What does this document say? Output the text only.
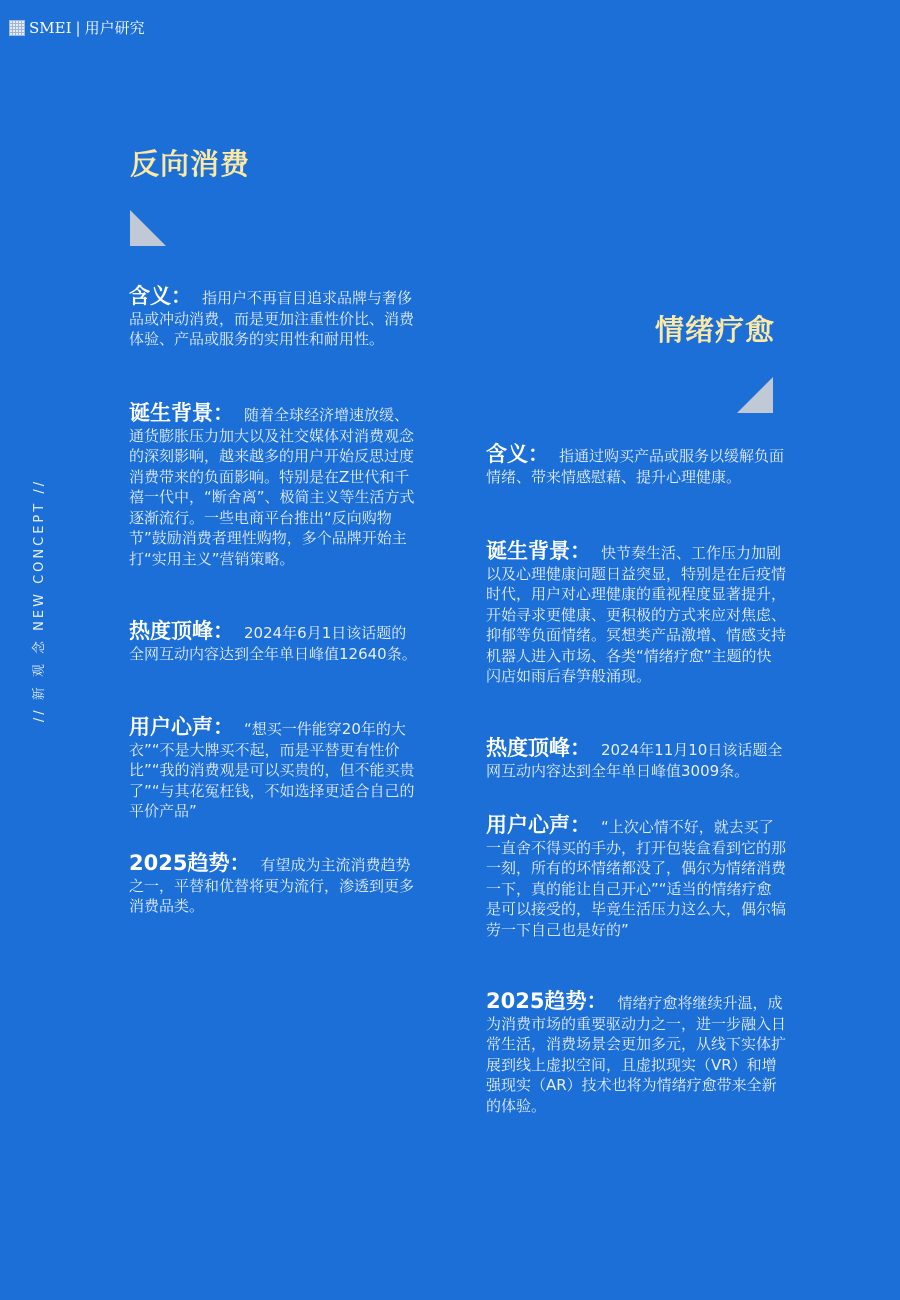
SMEI | 用户研究
// 新 观 念 NEW CONCEPT //
反向消费

含义： 指用户不再盲目追求品牌与奢侈品或冲动消费，而是更加注重性价比、消费体验、产品或服务的实用性和耐用性。

诞生背景： 随着全球经济增速放缓、通货膨胀压力加大以及社交媒体对消费观念的深刻影响，越来越多的用户开始反思过度消费带来的负面影响。特别是在Z世代和千禧一代中，“断舍离”、极简主义等生活方式逐渐流行。一些电商平台推出“反向购物节”鼓励消费者理性购物，多个品牌开始主打“实用主义”营销策略。

热度顶峰： 2024年6月1日该话题的全网互动内容达到全年单日峰值12640条。

用户心声： “想买一件能穿20年的大衣”“不是大牌买不起，而是平替更有性价比”“我的消费观是可以买贵的，但不能买贵了”“与其花冤枉钱，不如选择更适合自己的平价产品”

2025趋势： 有望成为主流消费趋势之一，平替和优替将更为流行，渗透到更多消费品类。

情绪疗愈

含义： 指通过购买产品或服务以缓解负面情绪、带来情感慰藉、提升心理健康。

诞生背景： 快节奏生活、工作压力加剧以及心理健康问题日益突显，特别是在后疫情时代，用户对心理健康的重视程度显著提升，开始寻求更健康、更积极的方式来应对焦虑、抑郁等负面情绪。冥想类产品激增、情感支持机器人进入市场、各类“情绪疗愈”主题的快闪店如雨后春笋般涌现。

热度顶峰： 2024年11月10日该话题全网互动内容达到全年单日峰值3009条。

用户心声： “上次心情不好，就去买了一直舍不得买的手办，打开包装盒看到它的那一刻，所有的坏情绪都没了，偶尔为情绪消费一下，真的能让自己开心”“适当的情绪疗愈是可以接受的，毕竟生活压力这么大，偶尔犒劳一下自己也是好的”

2025趋势： 情绪疗愈将继续升温，成为消费市场的重要驱动力之一，进一步融入日常生活，消费场景会更加多元，从线下实体扩展到线上虚拟空间，且虚拟现实（VR）和增强现实（AR）技术也将为情绪疗愈带来全新的体验。
